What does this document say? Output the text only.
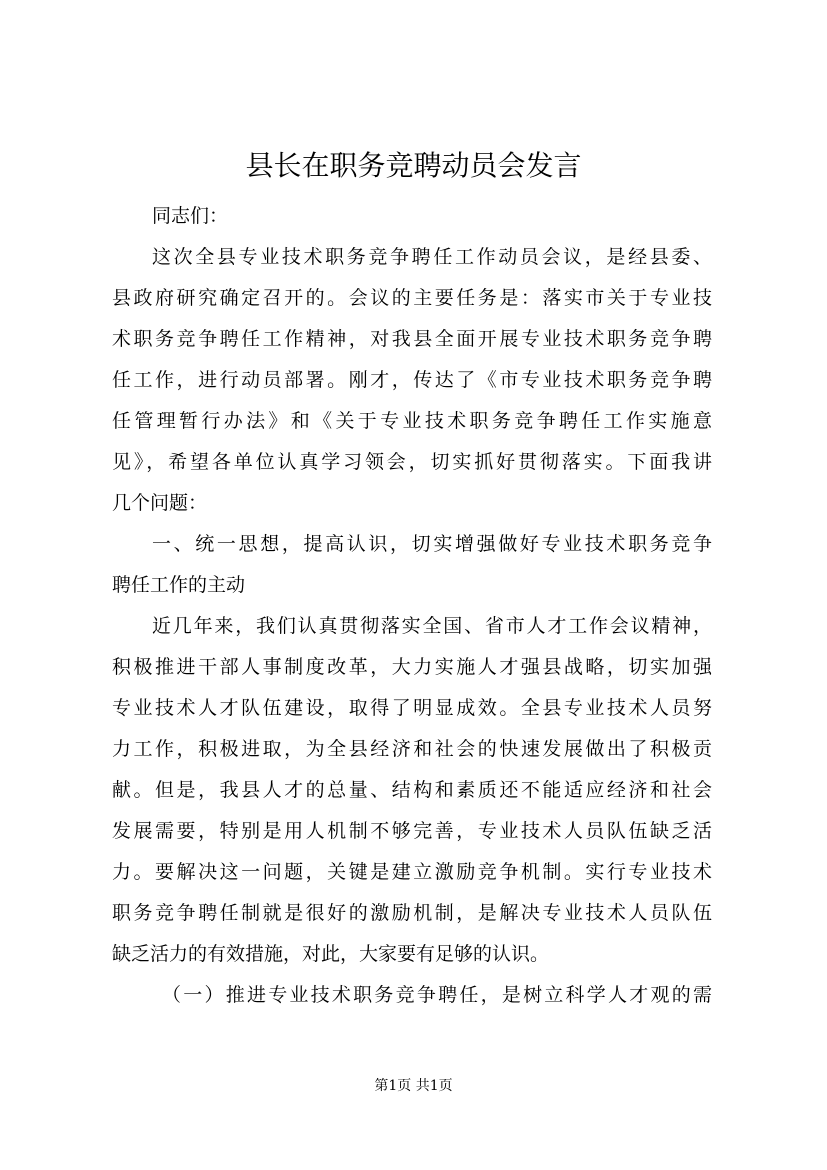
县长在职务竞聘动员会发言
同志们：
这次全县专业技术职务竞争聘任工作动员会议，是经县委、
县政府研究确定召开的。会议的主要任务是：落实市关于专业技
术职务竞争聘任工作精神，对我县全面开展专业技术职务竞争聘
任工作，进行动员部署。刚才，传达了《市专业技术职务竞争聘
任管理暂行办法》和《关于专业技术职务竞争聘任工作实施意
见》，希望各单位认真学习领会，切实抓好贯彻落实。下面我讲
几个问题：
一、统一思想，提高认识，切实增强做好专业技术职务竞争
聘任工作的主动
近几年来，我们认真贯彻落实全国、省市人才工作会议精神，
积极推进干部人事制度改革，大力实施人才强县战略，切实加强
专业技术人才队伍建设，取得了明显成效。全县专业技术人员努
力工作，积极进取，为全县经济和社会的快速发展做出了积极贡
献。但是，我县人才的总量、结构和素质还不能适应经济和社会
发展需要，特别是用人机制不够完善，专业技术人员队伍缺乏活
力。要解决这一问题，关键是建立激励竞争机制。实行专业技术
职务竞争聘任制就是很好的激励机制，是解决专业技术人员队伍
缺乏活力的有效措施，对此，大家要有足够的认识。
（一）推进专业技术职务竞争聘任，是树立科学人才观的需
第1页 共1页
